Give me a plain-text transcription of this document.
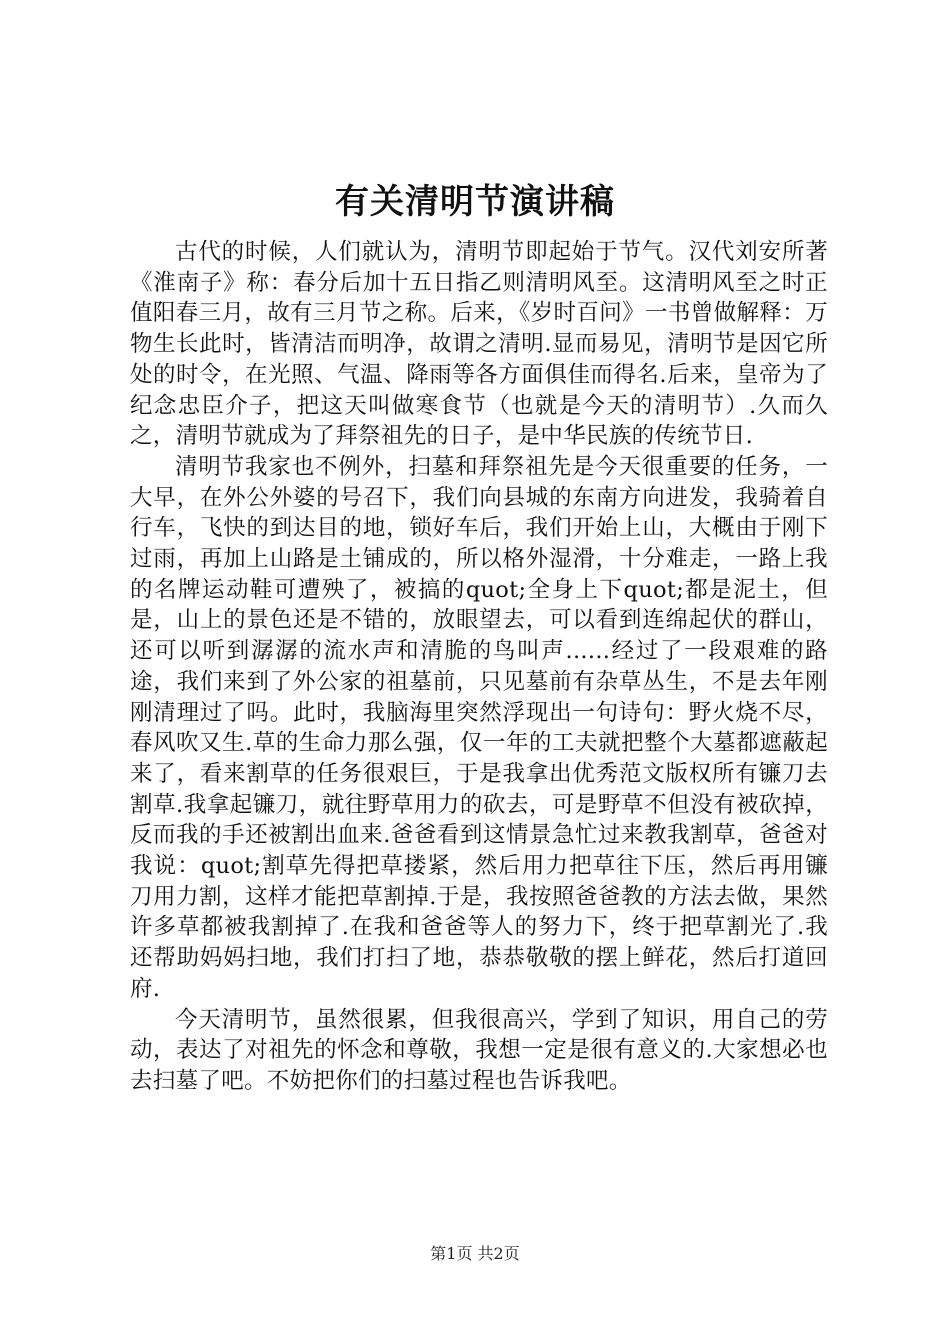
有关清明节演讲稿

古代的时候，人们就认为，清明节即起始于节气。汉代刘安所著《淮南子》称：春分后加十五日指乙则清明风至。这清明风至之时正值阳春三月，故有三月节之称。后来，《岁时百问》一书曾做解释：万物生长此时，皆清洁而明净，故谓之清明.显而易见，清明节是因它所处的时令，在光照、气温、降雨等各方面俱佳而得名.后来，皇帝为了纪念忠臣介子，把这天叫做寒食节（也就是今天的清明节）.久而久之，清明节就成为了拜祭祖先的日子，是中华民族的传统节日.

清明节我家也不例外，扫墓和拜祭祖先是今天很重要的任务，一大早，在外公外婆的号召下，我们向县城的东南方向进发，我骑着自行车，飞快的到达目的地，锁好车后，我们开始上山，大概由于刚下过雨，再加上山路是土铺成的，所以格外湿滑，十分难走，一路上我的名牌运动鞋可遭殃了，被搞的quot;全身上下quot;都是泥土，但是，山上的景色还是不错的，放眼望去，可以看到连绵起伏的群山，还可以听到潺潺的流水声和清脆的鸟叫声......经过了一段艰难的路途，我们来到了外公家的祖墓前，只见墓前有杂草丛生，不是去年刚刚清理过了吗。此时，我脑海里突然浮现出一句诗句：野火烧不尽，春风吹又生.草的生命力那么强，仅一年的工夫就把整个大墓都遮蔽起来了，看来割草的任务很艰巨，于是我拿出优秀范文版权所有镰刀去割草.我拿起镰刀，就往野草用力的砍去，可是野草不但没有被砍掉，反而我的手还被割出血来.爸爸看到这情景急忙过来教我割草，爸爸对我说：quot;割草先得把草搂紧，然后用力把草往下压，然后再用镰刀用力割，这样才能把草割掉.于是，我按照爸爸教的方法去做，果然许多草都被我割掉了.在我和爸爸等人的努力下，终于把草割光了.我还帮助妈妈扫地，我们打扫了地，恭恭敬敬的摆上鲜花，然后打道回府.

今天清明节，虽然很累，但我很高兴，学到了知识，用自己的劳动，表达了对祖先的怀念和尊敬，我想一定是很有意义的.大家想必也去扫墓了吧。不妨把你们的扫墓过程也告诉我吧。

第1页 共2页
